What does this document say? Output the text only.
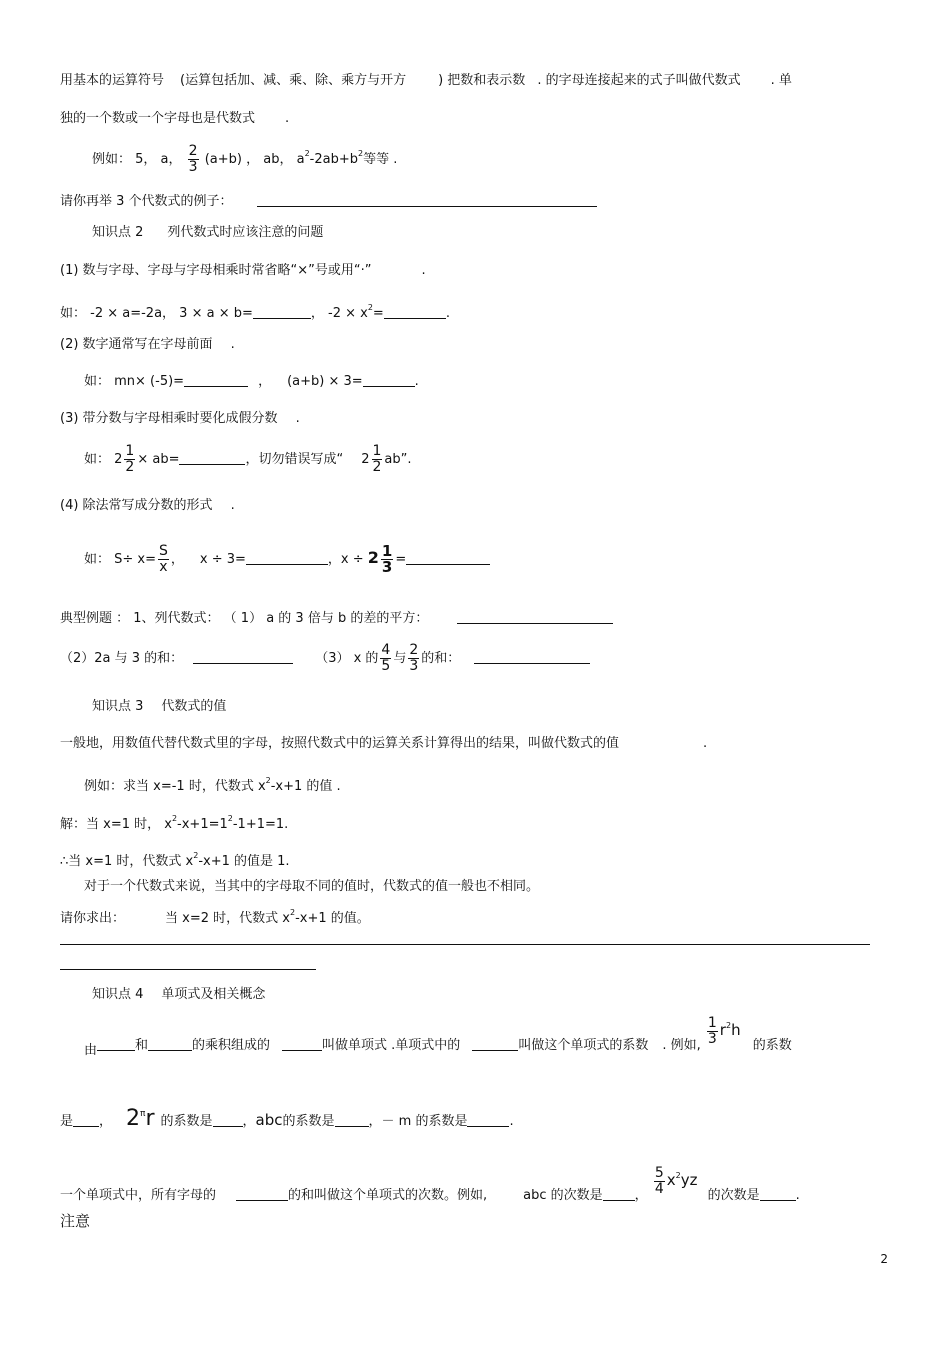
用基本的运算符号 (运算包括加、减、乘、除、乘方与开方 ) 把数和表示数 . 的字母连接起来的式子叫做代数式 . 单
独的一个数或一个字母也是代数式 .
例如： 5， a， $\frac{2}{3} (a+b)$ ， ab， $a^2-2ab+b^2$等等 .
请你再举 3 个代数式的例子：
知识点 2 列代数式时应该注意的问题
(1) 数与字母、字母与字母相乘时常省略“×”号或用“·”	.
如： -2 × a=-2a， 3 × a × b=	， $-2 \times x^2=$	.
(2) 数字通常写在字母前面 .
如： mn× (-5)=	， (a+b) × 3=	.
(3) 带分数与字母相乘时要化成假分数 .
如： $2 \frac{1}{2} \times ab=$	，切勿错误写成“ $2 \frac{1}{2}$ ab”.
(4) 除法常写成分数的形式 .
如： $S\div x= \frac{S}{x}$ ， x ÷ 3=	，$x \div 2 \frac{1}{3}$ =
典型例题 ： 1、列代数式： （ 1） a 的 3 倍与 b 的差的平方：
（2）2a 与 3 的和：	（3） x 的 $\frac{4}{5}$ 与 $\frac{2}{3}$ 的和：
知识点 3 代数式的值
一般地，用数值代替代数式里的字母，按照代数式中的运算关系计算得出的结果，叫做代数式的值	.
例如：求当 x=-1 时，代数式 $x^2-x+1$ 的值 .
解：当 x=1 时， $x^2-x+1=1^2-1+1=1$.
∴当 x=1 时，代数式 $x^2-x+1$ 的值是 1.
对于一个代数式来说，当其中的字母取不同的值时，代数式的值一般也不相同。
请你求出：	当 x=2 时，代数式 $x^2-x+1$ 的值。
知识点 4 单项式及相关概念
由	和	的乘积组成的	叫做单项式 .单项式中的	叫做这个单项式的系数 . 例如, $\frac{1}{3} r^2h$ 的系数
是 ， $2^\pi r$ 的系数是 ，abc的系数是	，－ m 的系数是	.
一个单项式中，所有字母的	的和叫做这个单项式的次数。例如,	abc 的次数是 ， $\frac{5}{4} x^2yz$ 的次数是	.
注意
2
